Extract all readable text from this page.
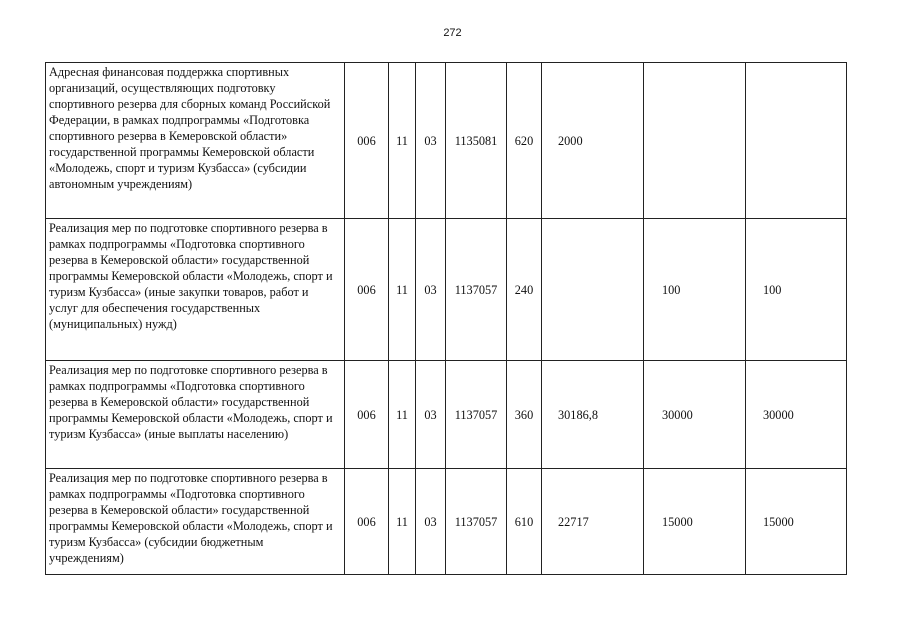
272
Адресная финансовая поддержка спортивных организаций, осуществляющих подготовку спортивного резерва для сборных команд Российской Федерации, в рамках подпрограммы «Подготовка спортивного резерва в Кемеровской области» государственной программы Кемеровской области «Молодежь, спорт и туризм Кузбасса» (субсидии автономным учреждениям)	006	11	03	1135081	620	2000		
Реализация мер по подготовке спортивного резерва в рамках подпрограммы «Подготовка спортивного резерва в Кемеровской области» государственной программы Кемеровской области «Молодежь, спорт и туризм Кузбасса» (иные закупки товаров, работ и услуг для обеспечения государственных (муниципальных) нужд)	006	11	03	1137057	240		100	100
Реализация мер по подготовке спортивного резерва в рамках подпрограммы «Подготовка спортивного резерва в Кемеровской области» государственной программы Кемеровской области «Молодежь, спорт и туризм Кузбасса» (иные выплаты населению)	006	11	03	1137057	360	30186,8	30000	30000
Реализация мер по подготовке спортивного резерва в рамках подпрограммы «Подготовка спортивного резерва в Кемеровской области» государственной программы Кемеровской области «Молодежь, спорт и туризм Кузбасса» (субсидии бюджетным учреждениям)	006	11	03	1137057	610	22717	15000	15000
